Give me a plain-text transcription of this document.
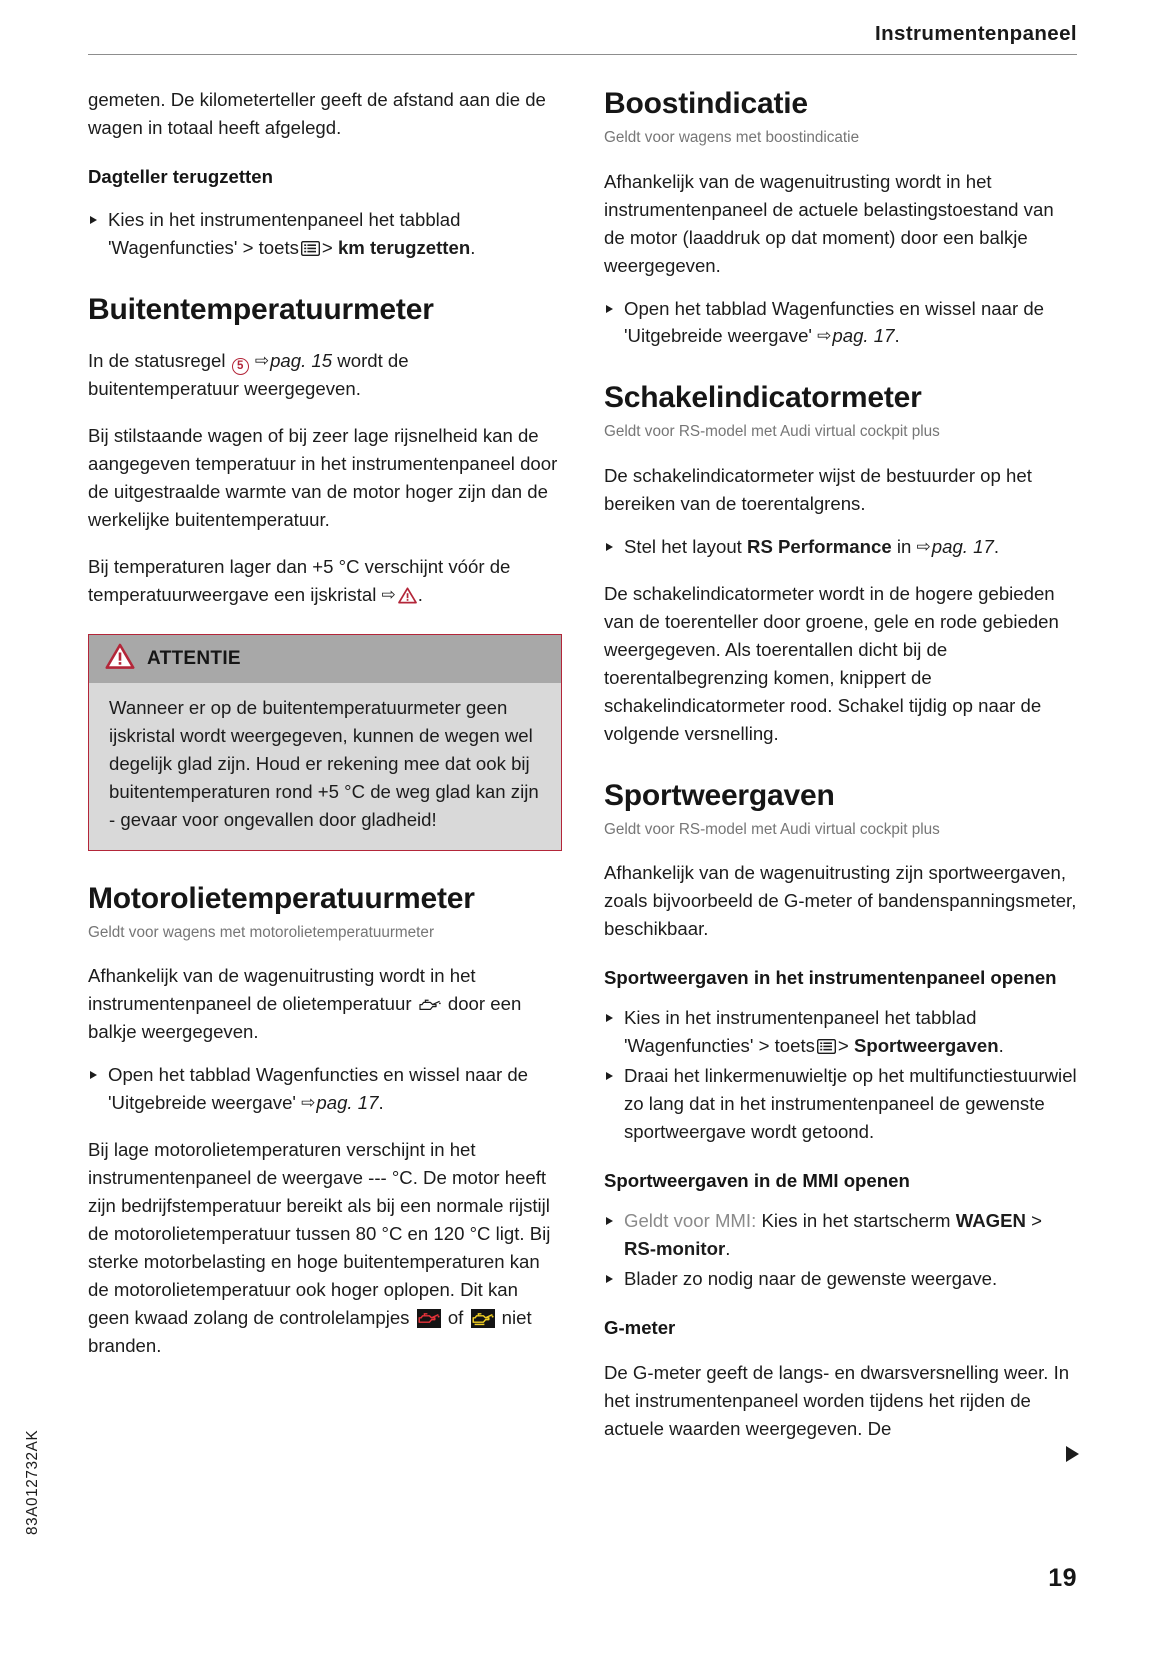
Instrumentenpaneel

gemeten. De kilometerteller geeft de afstand aan die de wagen in totaal heeft afgelegd.

Dagteller terugzetten
Kies in het instrumentenpaneel het tabblad 'Wagenfuncties' > toets > km terugzetten.
Buitentemperatuurmeter

In de statusregel 5 ⇨pag. 15 wordt de buitentemperatuur weergegeven.

Bij stilstaande wagen of bij zeer lage rijsnelheid kan de aangegeven temperatuur in het instrumentenpaneel door de uitgestraalde warmte van de motor hoger zijn dan de werkelijke buitentemperatuur.

Bij temperaturen lager dan +5 °C verschijnt vóór de temperatuurweergave een ijskristal ⇨ .

ATTENTIE
Wanneer er op de buitentemperatuurmeter geen ijskristal wordt weergegeven, kunnen de wegen wel degelijk glad zijn. Houd er rekening mee dat ook bij buitentemperaturen rond +5 °C de weg glad kan zijn - gevaar voor ongevallen door gladheid!
Motorolietemperatuurmeter

Geldt voor wagens met motorolietemperatuurmeter

Afhankelijk van de wagenuitrusting wordt in het instrumentenpaneel de olietemperatuur door een balkje weergegeven.

Open het tabblad Wagenfuncties en wissel naar de 'Uitgebreide weergave' ⇨pag. 17.

Bij lage motorolietemperaturen verschijnt in het instrumentenpaneel de weergave --- °C. De motor heeft zijn bedrijfstemperatuur bereikt als bij een normale rijstijl de motorolietemperatuur tussen 80 °C en 120 °C ligt. Bij sterke motorbelasting en hoge buitentemperaturen kan de motorolietemperatuur ook hoger oplopen. Dit kan geen kwaad zolang de controlelampjes of niet branden.

Boostindicatie

Geldt voor wagens met boostindicatie

Afhankelijk van de wagenuitrusting wordt in het instrumentenpaneel de actuele belastingstoestand van de motor (laaddruk op dat moment) door een balkje weergegeven.

Open het tabblad Wagenfuncties en wissel naar de 'Uitgebreide weergave' ⇨pag. 17.
Schakelindicatormeter

Geldt voor RS-model met Audi virtual cockpit plus

De schakelindicatormeter wijst de bestuurder op het bereiken van de toerentalgrens.

Stel het layout RS Performance in ⇨pag. 17.

De schakelindicatormeter wordt in de hogere gebieden van de toerenteller door groene, gele en rode gebieden weergegeven. Als toerentallen dicht bij de toerentalbegrenzing komen, knippert de schakelindicatormeter rood. Schakel tijdig op naar de volgende versnelling.

Sportweergaven

Geldt voor RS-model met Audi virtual cockpit plus

Afhankelijk van de wagenuitrusting zijn sportweergaven, zoals bijvoorbeeld de G-meter of bandenspanningsmeter, beschikbaar.

Sportweergaven in het instrumentenpaneel openen
Kies in het instrumentenpaneel het tabblad 'Wagenfuncties' > toets > Sportweergaven.
Draai het linkermenuwieltje op het multifunctiestuurwiel zo lang dat in het instrumentenpaneel de gewenste sportweergave wordt getoond.
Sportweergaven in de MMI openen
Geldt voor MMI: Kies in het startscherm WAGEN > RS-monitor.
Blader zo nodig naar de gewenste weergave.
G-meter

De G-meter geeft de langs- en dwarsversnelling weer. In het instrumentenpaneel worden tijdens het rijden de actuele waarden weergegeven. De

83A012732AK
19
